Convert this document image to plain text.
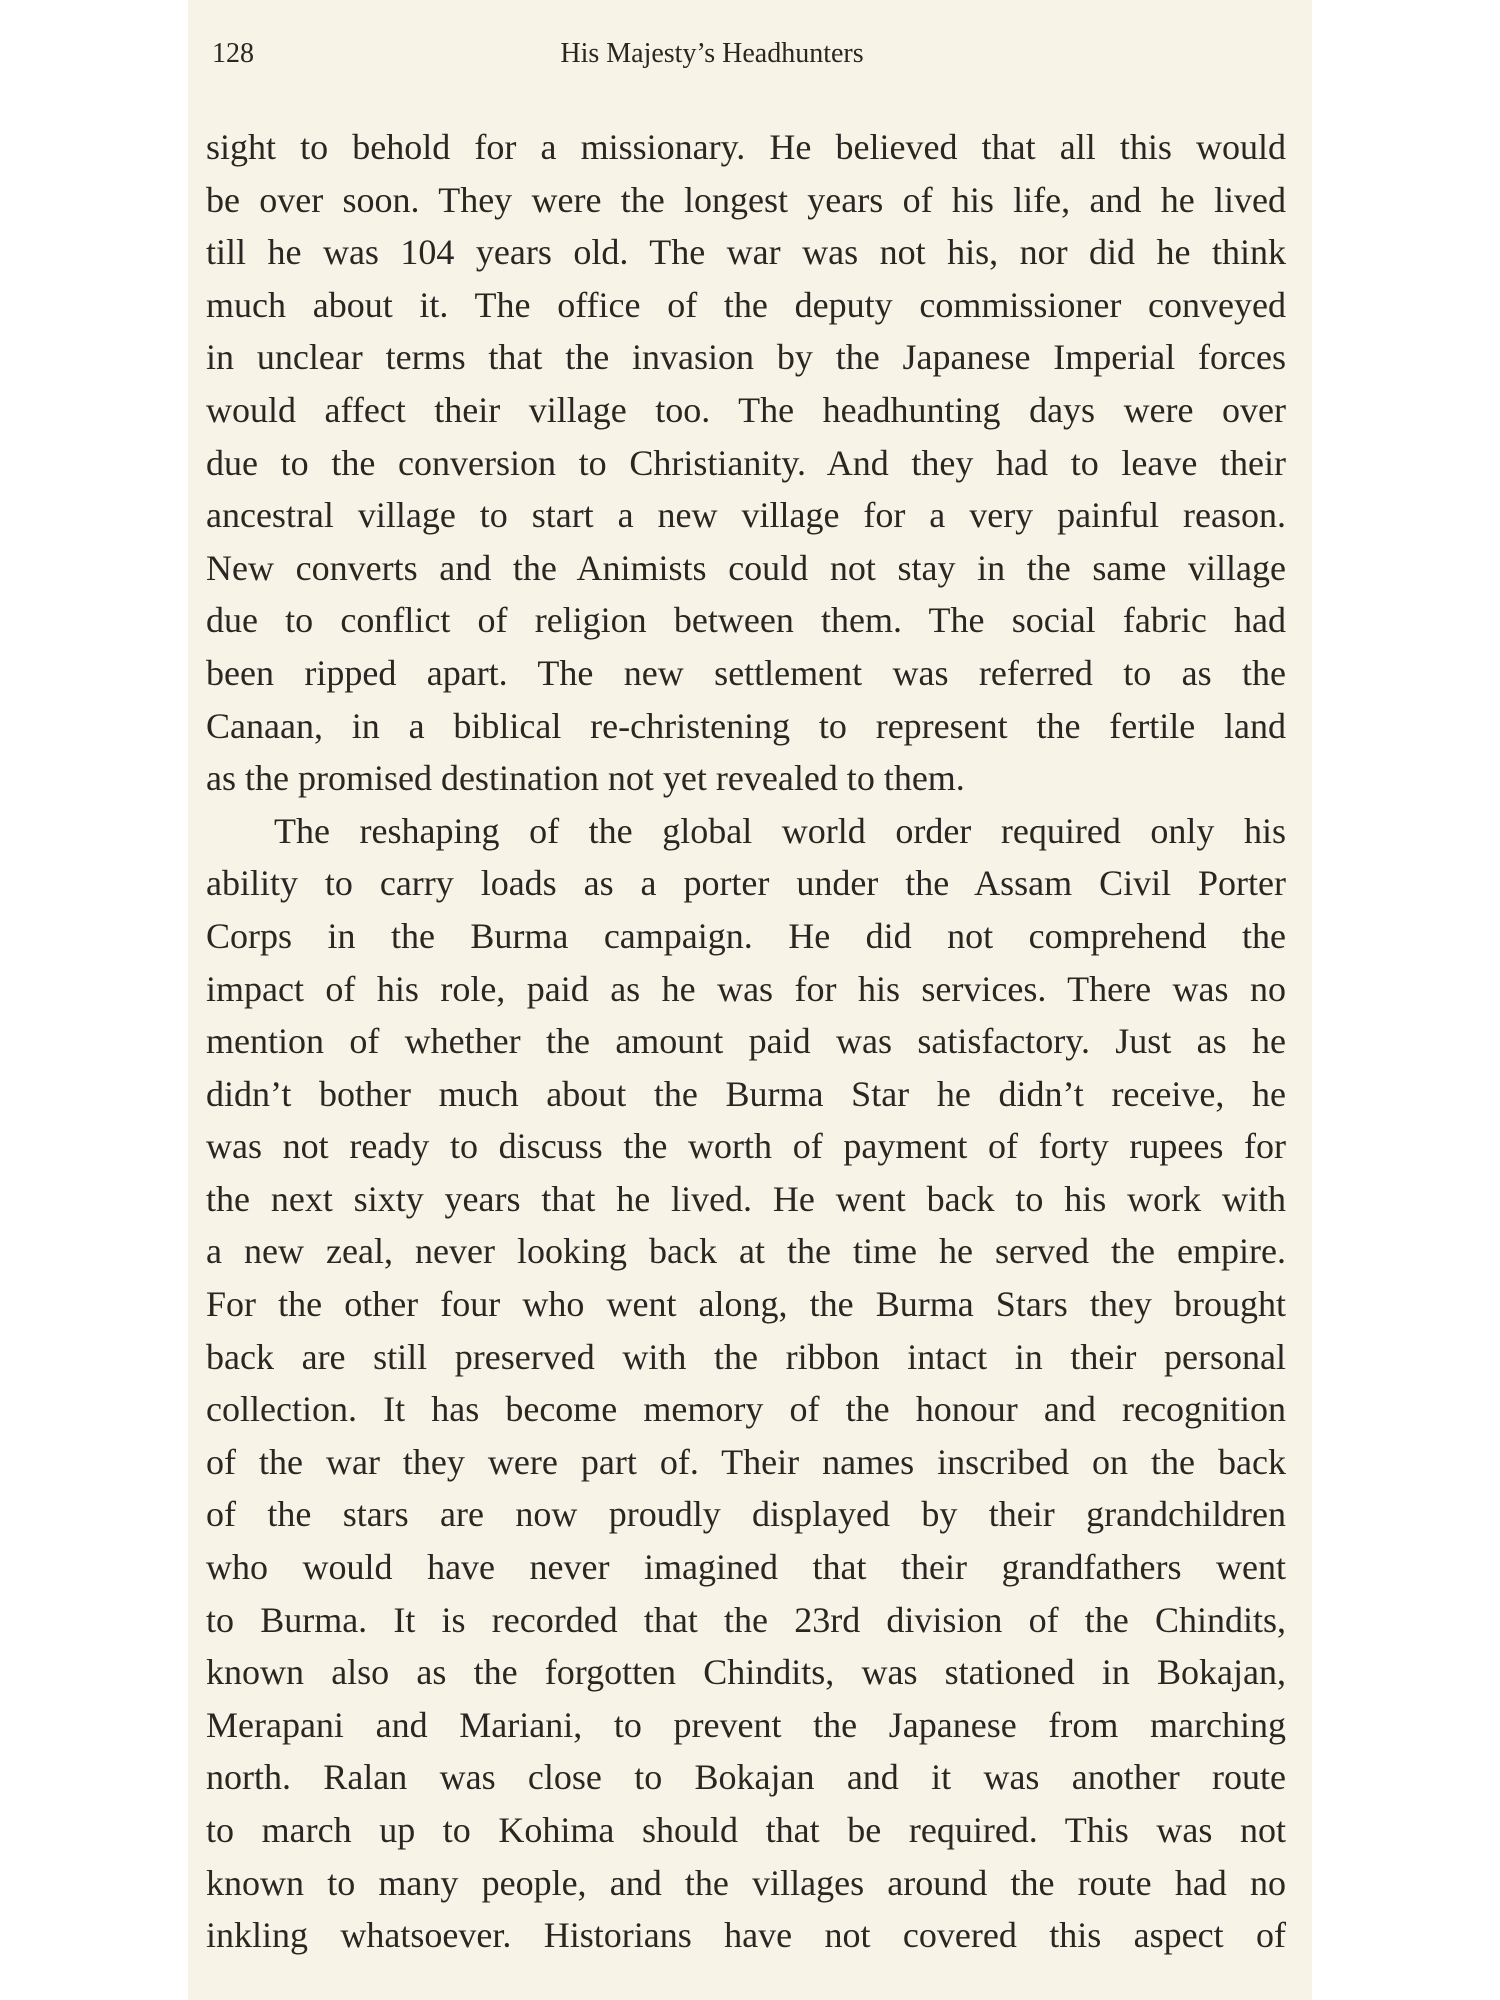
128	His Majesty’s Headhunters
sight to behold for a missionary. He believed that all this would
be over soon. They were the longest years of his life, and he lived
till he was 104 years old. The war was not his, nor did he think
much about it. The office of the deputy commissioner conveyed
in unclear terms that the invasion by the Japanese Imperial forces
would affect their village too. The headhunting days were over
due to the conversion to Christianity. And they had to leave their
ancestral village to start a new village for a very painful reason.
New converts and the Animists could not stay in the same village
due to conflict of religion between them. The social fabric had
been ripped apart. The new settlement was referred to as the
Canaan, in a biblical re-christening to represent the fertile land
as the promised destination not yet revealed to them.
The reshaping of the global world order required only his
ability to carry loads as a porter under the Assam Civil Porter
Corps in the Burma campaign. He did not comprehend the
impact of his role, paid as he was for his services. There was no
mention of whether the amount paid was satisfactory. Just as he
didn’t bother much about the Burma Star he didn’t receive, he
was not ready to discuss the worth of payment of forty rupees for
the next sixty years that he lived. He went back to his work with
a new zeal, never looking back at the time he served the empire.
For the other four who went along, the Burma Stars they brought
back are still preserved with the ribbon intact in their personal
collection. It has become memory of the honour and recognition
of the war they were part of. Their names inscribed on the back
of the stars are now proudly displayed by their grandchildren
who would have never imagined that their grandfathers went
to Burma. It is recorded that the 23rd division of the Chindits,
known also as the forgotten Chindits, was stationed in Bokajan,
Merapani and Mariani, to prevent the Japanese from marching
north. Ralan was close to Bokajan and it was another route
to march up to Kohima should that be required. This was not
known to many people, and the villages around the route had no
inkling whatsoever. Historians have not covered this aspect of
